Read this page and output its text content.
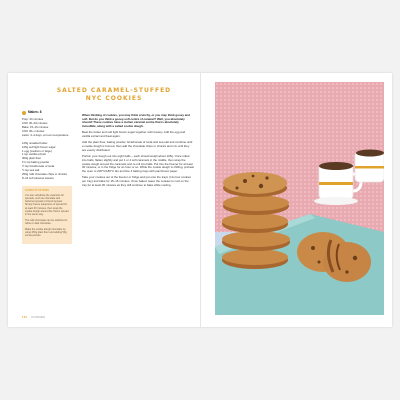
SALTED CARAMEL-STUFFED
NYC COOKIES
Makes: 8
Prep: 20 minutes
Chill: 30–40 minutes
Bake: 15–16 minutes
Chill: 30+ minutes
Lasts: 3–4 days, at room temperature
125g unsalted butter
125g soft light brown sugar
1 egg (medium or large)
1 tsp vanilla extract
300g plain flour
1½ tsp baking powder
½ tsp bicarbonate of soda
½ tsp sea salt
250g milk chocolate chips or chunks
8–16 soft caramel sweets
SUBSTITUTIONS

You can substitute the caramels for spreads, such as chocolate and hazelnut spread or biscuit spread. Simply freeze teaspoons of spread for at least 30 minutes, then wrap the cookie dough around the frozen spread in the same way.

The milk chocolate can be switched to white or dark chocolate.

Make the cookie dough chocolate by using 250g plain flour and adding 50g cocoa powder.

When thinking of cookies, you may think crunchy, or you may think gooey and soft. But do you think a gooey-soft centre of caramel? Well, you absolutely should! These cookies have a molten caramel centre that is absolutely incredible, along with a salted cookie dough.

Beat the butter and soft light brown sugar together until creamy. Add the egg and vanilla extract and beat again.

Add the plain flour, baking powder, bicarbonate of soda and sea salt and combine until a cookie dough is formed, then add the chocolate chips or chunks and mix until they are evenly distributed.

Portion your dough out into eight balls – each should weigh about 105g. Once rolled into balls, flatten slightly and put 1 or 2 soft caramels in the middle, then wrap the cookie dough around the caramels and re-roll into balls. Put into the freezer for at least 30 minutes, or in the fridge for an hour or so. While the cookie dough is chilling, preheat the oven to 200°C/180°C fan and line 2 baking trays with parchment paper.

Take your cookies out of the freezer or fridge and put onto the trays (I do four cookies per tray) and bake for 15–16 minutes. Once baked, leave the cookies to cool on the tray for at least 30 minutes as they still continue to bake while cooling.

100 COOKIES
